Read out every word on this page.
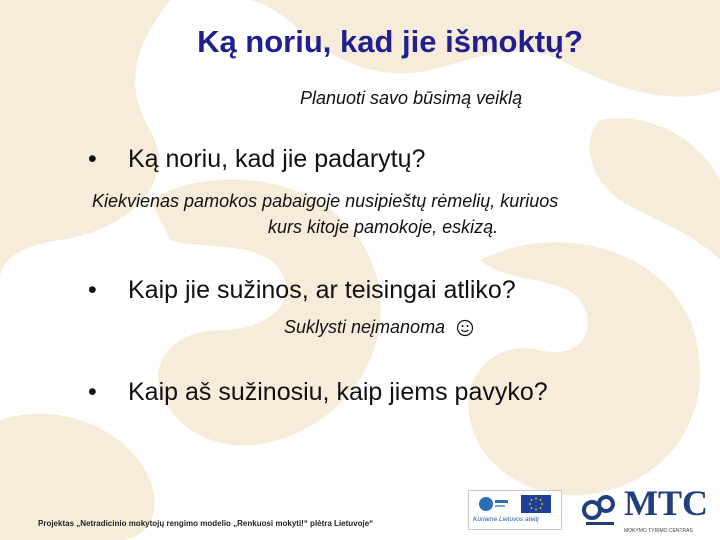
Ką noriu, kad jie išmoktų?
Planuoti savo būsimą veiklą
• Ką noriu, kad jie padarytų?
Kiekvienas pamokos pabaigoje nusipieštų rėmelių, kuriuos
kurs kitoje pamokoje, eskizą.
• Kaip jie sužinos, ar teisingai atliko?
Suklysti neįmanoma
• Kaip aš sužinosiu, kaip jiems pavyko?
Projektas „Netradicinio mokytojų rengimo modelio „Renkuosi mokyti!“ plėtra Lietuvoje“	Kuriame Lietuvos ateitį MTC
MOKYMO TYRIMO CENTRAS
